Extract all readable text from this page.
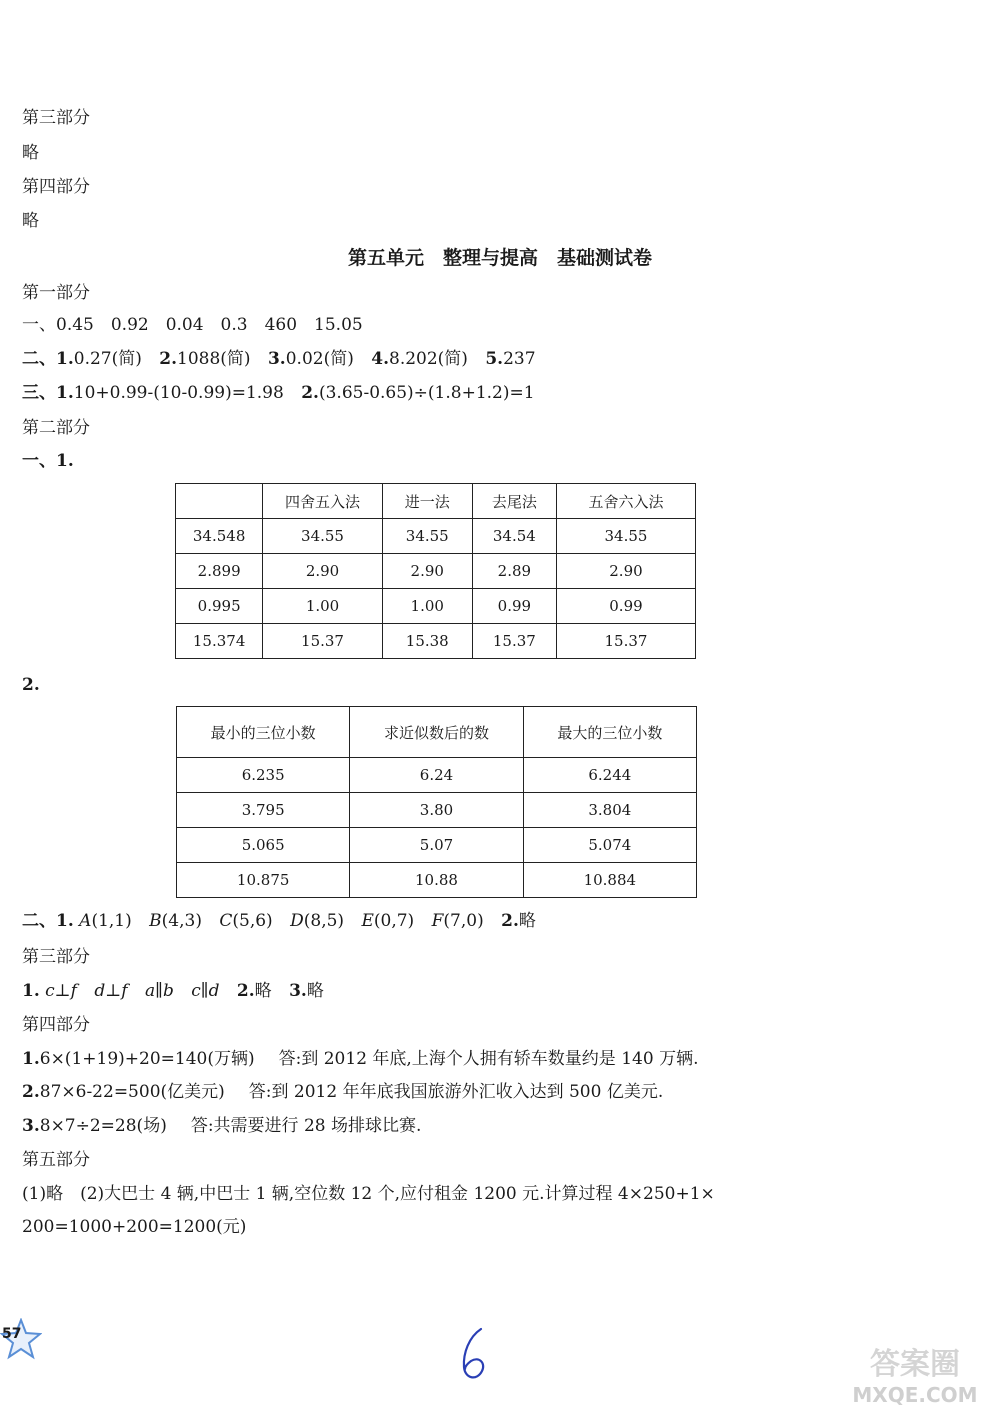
第三部分
略
第四部分
略
第五单元　整理与提高　基础测试卷
第一部分
一、0.45　0.92　0.04　0.3　460　15.05
二、1.0.27(简) 2.1088(简) 3.0.02(简) 4.8.202(简) 5.237
三、1.10+0.99-(10-0.99)=1.98 2.(3.65-0.65)÷(1.8+1.2)=1
第二部分
一、1.
	四舍五入法	进一法	去尾法	五舍六入法
34.548	34.55	34.55	34.54	34.55
2.899	2.90	2.90	2.89	2.90
0.995	1.00	1.00	0.99	0.99
15.374	15.37	15.38	15.37	15.37
2.
最小的三位小数	求近似数后的数	最大的三位小数
6.235	6.24	6.244
3.795	3.80	3.804
5.065	5.07	5.074
10.875	10.88	10.884
二、1. A(1,1) B(4,3) C(5,6) D(8,5) E(0,7) F(7,0) 2.略
第三部分
1. c⊥f d⊥f a∥b c∥d 2.略 3.略
第四部分
1.6×(1+19)+20=140(万辆) 答:到 2012 年底,上海个人拥有轿车数量约是 140 万辆.
2.87×6-22=500(亿美元) 答:到 2012 年年底我国旅游外汇收入达到 500 亿美元.
3.8×7÷2=28(场) 答:共需要进行 28 场排球比赛.
第五部分
(1)略　(2)大巴士 4 辆,中巴士 1 辆,空位数 12 个,应付租金 1200 元.计算过程 4×250+1×
200=1000+200=1200(元)
57
答案圈
MXQE.COM
